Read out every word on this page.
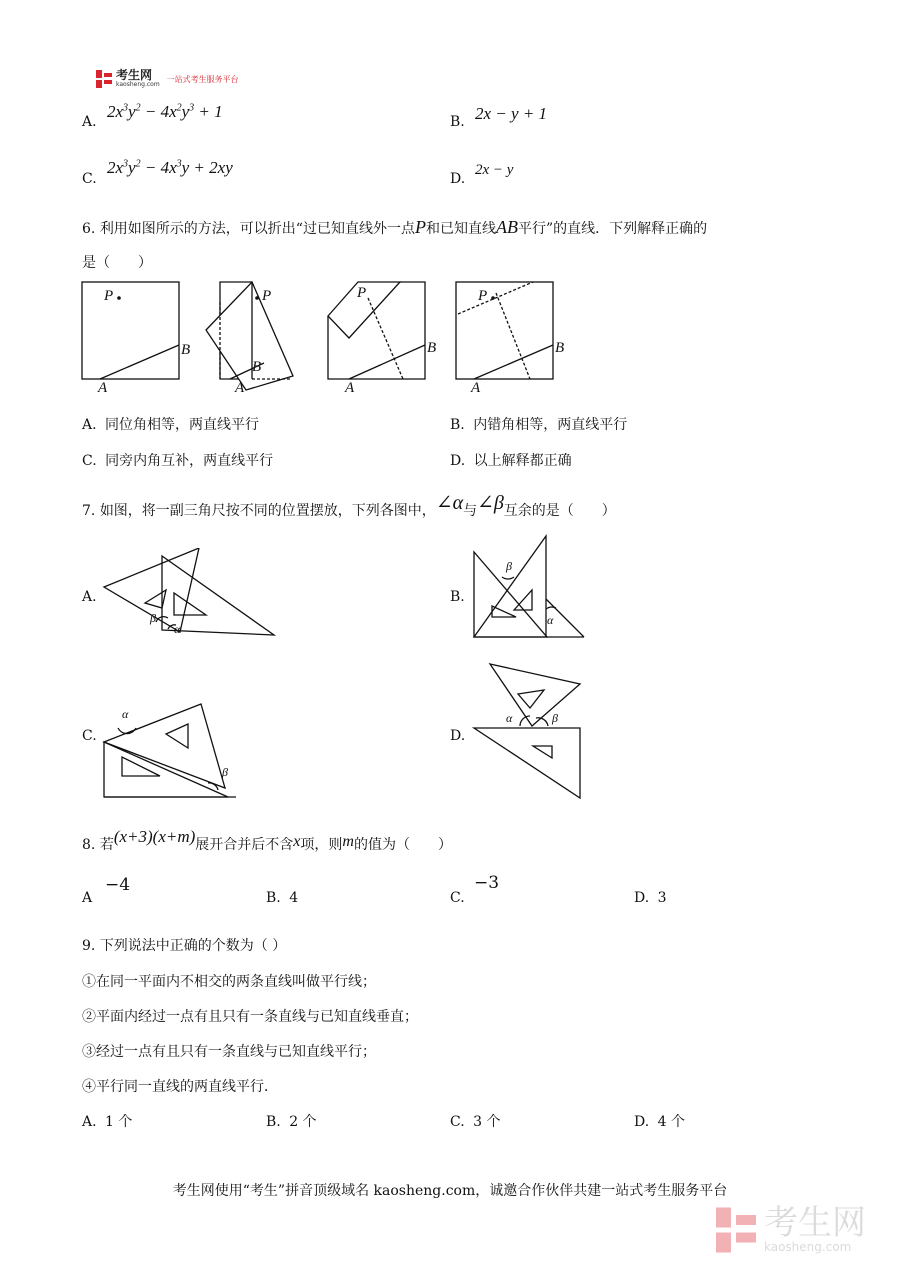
考生网
kaosheng.com
一站式考生服务平台
A.
$2x^3y^2 - 4x^2y^3 + 1$
B. 2x − y + 1
C.
$2x^3y^2 - 4x^3y + 2xy$
D.
2x − y
6. 利用如图所示的方法，可以折出“过已知直线外一点P和已知直线AB平行”的直线．下列解释正确的
是（　　）
P
A
B
P
A
B
P
A
B
P
A
B
A. 同位角相等，两直线平行	B. 内错角相等，两直线平行
C. 同旁内角互补，两直线平行	D. 以上解释都正确
7. 如图，将一副三角尺按不同的位置摆放，下列各图中，∠α与∠β互余的是（　　）
A.	B.
C.	D.
β
α
β
α
α
β
α	β
8. 若(x+3)(x+m)展开合并后不含x项，则m的值为（　　）
A
−4
B. 4	C.
−3
D. 3
9. 下列说法中正确的个数为（ ）
①在同一平面内不相交的两条直线叫做平行线；
②平面内经过一点有且只有一条直线与已知直线垂直；
③经过一点有且只有一条直线与已知直线平行；
④平行同一直线的两直线平行．
A. 1 个	B. 2 个	C. 3 个	D. 4 个
考生网使用“考生”拼音顶级域名 kaosheng.com，诚邀合作伙伴共建一站式考生服务平台
考生网
kaosheng.com
